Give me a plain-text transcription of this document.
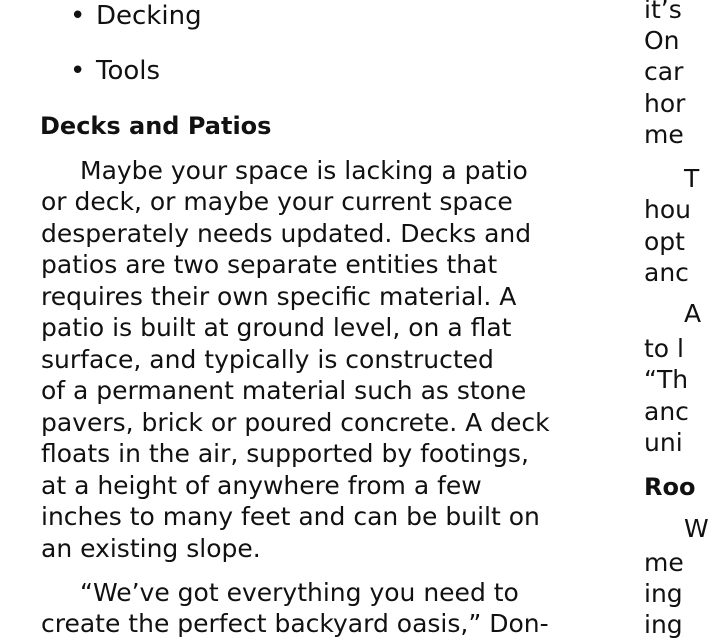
• Decking
• Tools
Decks and Patios
Maybe your space is lacking a patio
or deck, or maybe your current space
desperately needs updated. Decks and
patios are two separate entities that
requires their own specific material. A
patio is built at ground level, on a flat
surface, and typically is constructed
of a permanent material such as stone
pavers, brick or poured concrete. A deck
floats in the air, supported by footings,
at a height of anywhere from a few
inches to many feet and can be built on
an existing slope.
“We’ve got everything you need to
create the perfect backyard oasis,” Don-
it’s
On
car
hor
me
T
hou
opt
anc
A
to l
“Th
anc
uni
Roo
W
me
ing
ing
